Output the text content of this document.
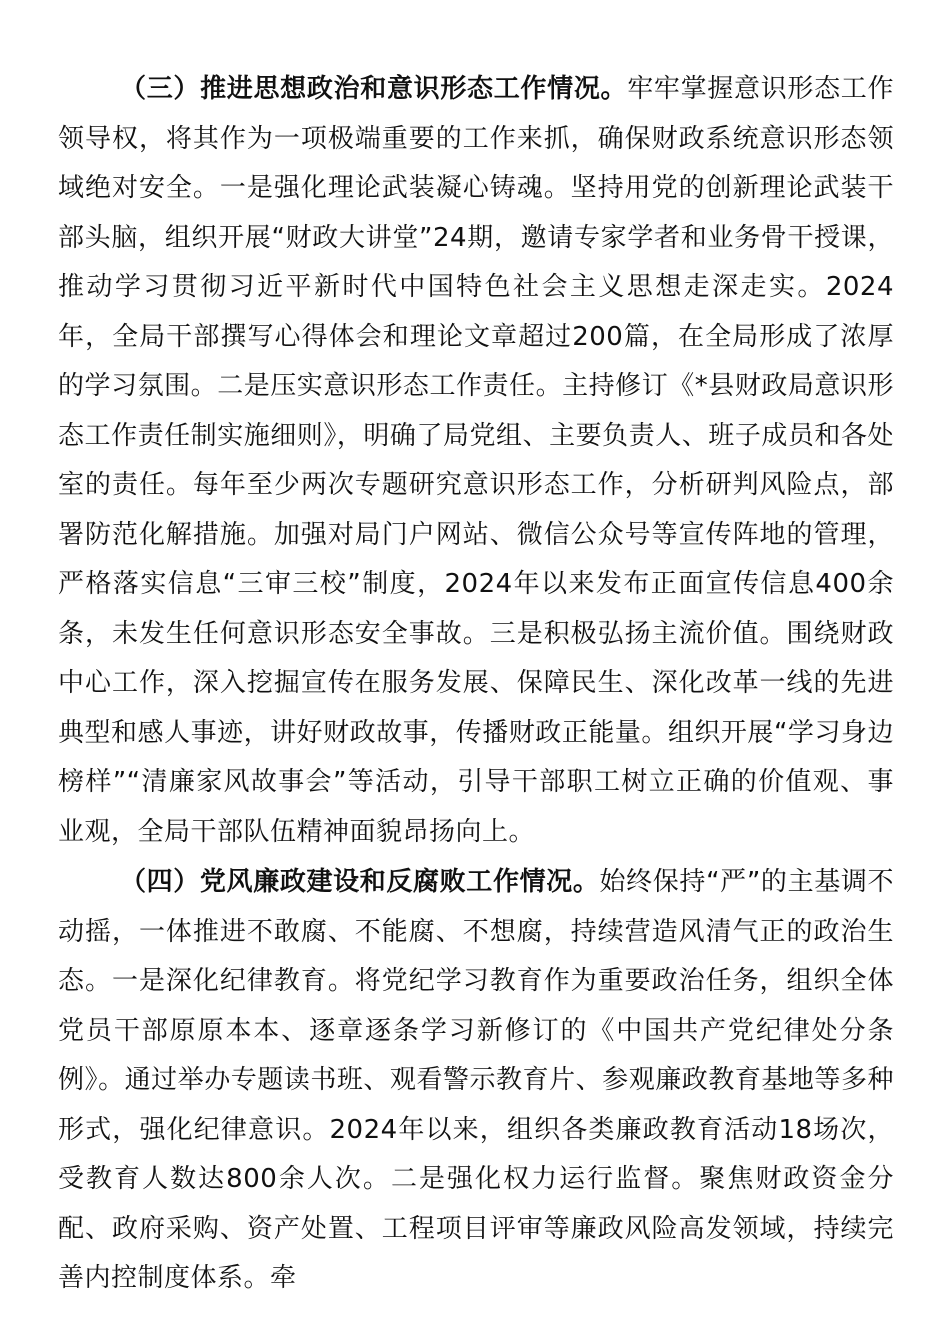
（三）推进思想政治和意识形态工作情况。牢牢掌握意识形态工作领导权，将其作为一项极端重要的工作来抓，确保财政系统意识形态领域绝对安全。一是强化理论武装凝心铸魂。坚持用党的创新理论武装干部头脑，组织开展“财政大讲堂”24期，邀请专家学者和业务骨干授课，推动学习贯彻习近平新时代中国特色社会主义思想走深走实。2024年，全局干部撰写心得体会和理论文章超过200篇，在全局形成了浓厚的学习氛围。二是压实意识形态工作责任。主持修订《*县财政局意识形态工作责任制实施细则》，明确了局党组、主要负责人、班子成员和各处室的责任。每年至少两次专题研究意识形态工作，分析研判风险点，部署防范化解措施。加强对局门户网站、微信公众号等宣传阵地的管理，严格落实信息“三审三校”制度，2024年以来发布正面宣传信息400余条，未发生任何意识形态安全事故。三是积极弘扬主流价值。围绕财政中心工作，深入挖掘宣传在服务发展、保障民生、深化改革一线的先进典型和感人事迹，讲好财政故事，传播财政正能量。组织开展“学习身边榜样”“清廉家风故事会”等活动，引导干部职工树立正确的价值观、事业观，全局干部队伍精神面貌昂扬向上。

（四）党风廉政建设和反腐败工作情况。始终保持“严”的主基调不动摇，一体推进不敢腐、不能腐、不想腐，持续营造风清气正的政治生态。一是深化纪律教育。将党纪学习教育作为重要政治任务，组织全体党员干部原原本本、逐章逐条学习新修订的《中国共产党纪律处分条例》。通过举办专题读书班、观看警示教育片、参观廉政教育基地等多种形式，强化纪律意识。2024年以来，组织各类廉政教育活动18场次，受教育人数达800余人次。二是强化权力运行监督。聚焦财政资金分配、政府采购、资产处置、工程项目评审等廉政风险高发领域，持续完善内控制度体系。牵
